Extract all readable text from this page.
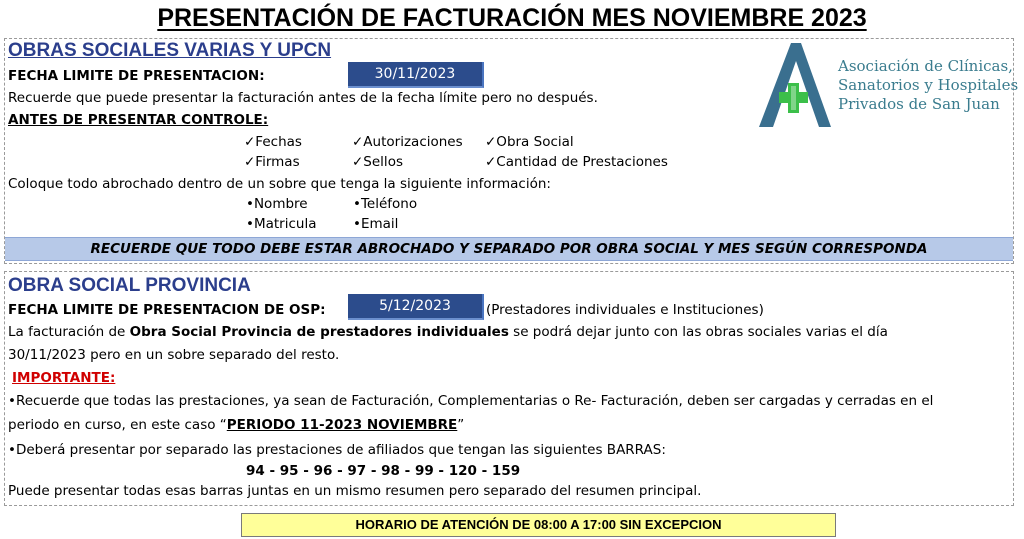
PRESENTACIÓN DE FACTURACIÓN MES NOVIEMBRE 2023
OBRAS SOCIALES VARIAS Y UPCN
FECHA LIMITE DE PRESENTACION:	30/11/2023
Recuerde que puede presentar la facturación antes de la fecha límite pero no después.
ANTES DE PRESENTAR CONTROLE:
✓Fechas	✓Autorizaciones ✓Obra Social
✓Firmas	✓Sellos	✓Cantidad de Prestaciones
Coloque todo abrochado dentro de un sobre que tenga la siguiente información:
•Nombre	•Teléfono
•Matricula	•Email
RECUERDE QUE TODO DEBE ESTAR ABROCHADO Y SEPARADO POR OBRA SOCIAL Y MES SEGÚN CORRESPONDA
Asociación de Clínicas,
Sanatorios y Hospitales
Privados de San Juan
OBRA SOCIAL PROVINCIA
FECHA LIMITE DE PRESENTACION DE OSP:	5/12/2023	(Prestadores individuales e Instituciones)
La facturación de Obra Social Provincia de prestadores individuales se podrá dejar junto con las obras sociales varias el día
30/11/2023 pero en un sobre separado del resto.
IMPORTANTE:
•Recuerde que todas las prestaciones, ya sean de Facturación, Complementarias o Re- Facturación, deben ser cargadas y cerradas en el
periodo en curso, en este caso “PERIODO 11-2023 NOVIEMBRE”
•Deberá presentar por separado las prestaciones de afiliados que tengan las siguientes BARRAS:
94 - 95 - 96 - 97 - 98 - 99 - 120 - 159
Puede presentar todas esas barras juntas en un mismo resumen pero separado del resumen principal.
HORARIO DE ATENCIÓN DE 08:00 A 17:00 SIN EXCEPCION
